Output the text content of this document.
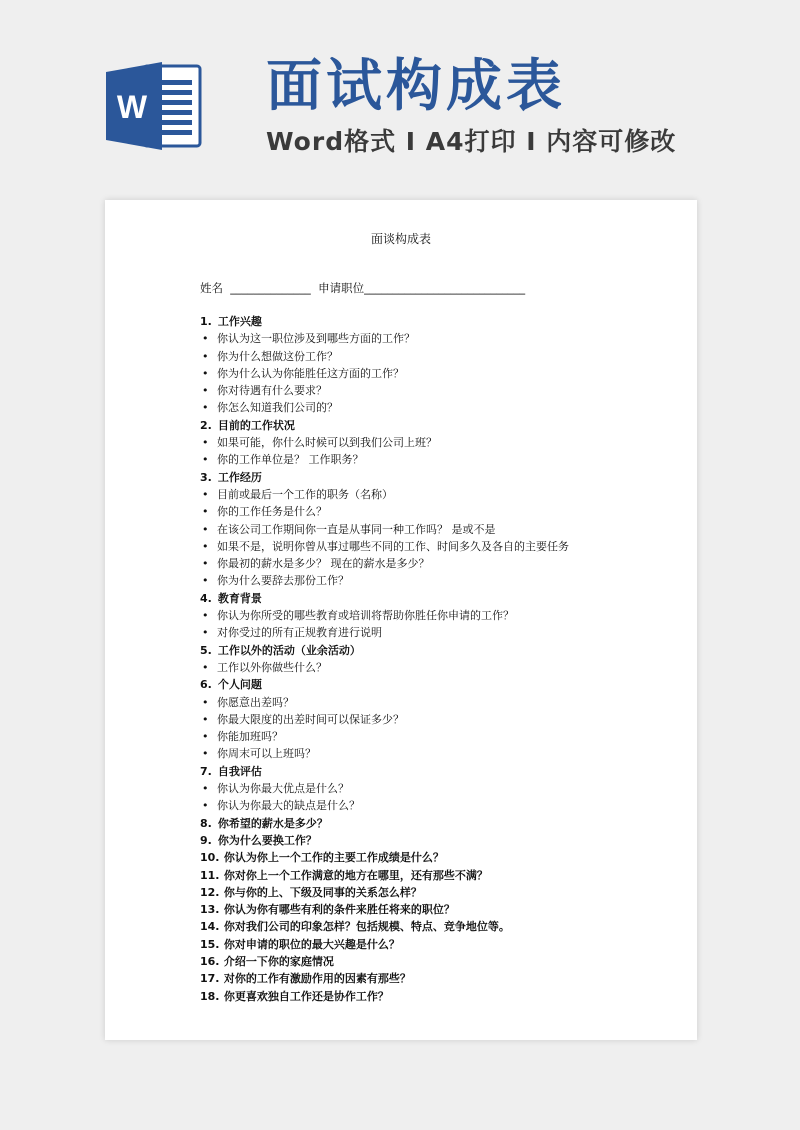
W 面试构成表
Word格式 I A4打印 I 内容可修改
面谈构成表
姓名  ______________  申请职位____________________________
1. 工作兴趣
• 你认为这一职位涉及到哪些方面的工作？
• 你为什么想做这份工作？
• 你为什么认为你能胜任这方面的工作？
• 你对待遇有什么要求？
• 你怎么知道我们公司的？
2. 目前的工作状况
• 如果可能，你什么时候可以到我们公司上班？
• 你的工作单位是？ 工作职务？
3. 工作经历
• 目前或最后一个工作的职务（名称）
• 你的工作任务是什么？
• 在该公司工作期间你一直是从事同一种工作吗？ 是或不是
• 如果不是，说明你曾从事过哪些不同的工作、时间多久及各自的主要任务
• 你最初的薪水是多少？ 现在的薪水是多少？
• 你为什么要辞去那份工作？
4. 教育背景
• 你认为你所受的哪些教育或培训将帮助你胜任你申请的工作？
• 对你受过的所有正规教育进行说明
5. 工作以外的活动（业余活动）
• 工作以外你做些什么？
6. 个人问题
• 你愿意出差吗？
• 你最大限度的出差时间可以保证多少？
• 你能加班吗？
• 你周末可以上班吗？
7. 自我评估
• 你认为你最大优点是什么？
• 你认为你最大的缺点是什么？
8. 你希望的薪水是多少？
9. 你为什么要换工作？
10. 你认为你上一个工作的主要工作成绩是什么？
11. 你对你上一个工作满意的地方在哪里，还有那些不满？
12. 你与你的上、下级及同事的关系怎么样？
13. 你认为你有哪些有利的条件来胜任将来的职位？
14. 你对我们公司的印象怎样？包括规模、特点、竞争地位等。
15. 你对申请的职位的最大兴趣是什么？
16. 介绍一下你的家庭情况
17. 对你的工作有激励作用的因素有那些？
18. 你更喜欢独自工作还是协作工作？
